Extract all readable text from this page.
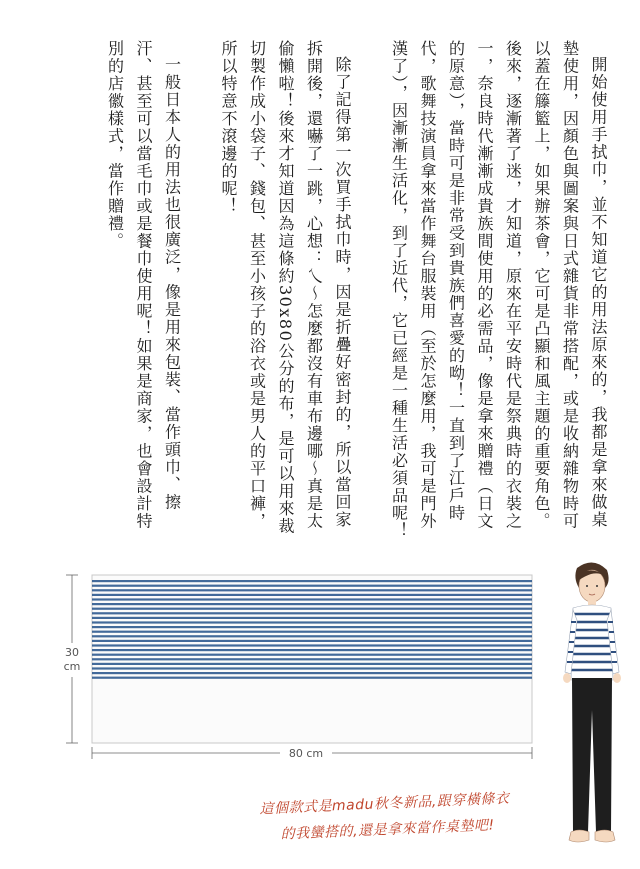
開始使用手拭巾，並不知道它的用法原來的，我都是拿來做桌墊使用，因顏色與圖案與日式雜貨非常搭配，或是收納雜物時可以蓋在籐籃上，如果辦茶會，它可是凸顯和風主題的重要角色。後來，逐漸著了迷，才知道，原來在平安時代是祭典時的衣裝之一，奈良時代漸漸成貴族間使用的必需品，像是拿來贈禮（日文的原意），當時可是非常受到貴族們喜愛的呦！一直到了江戶時代，歌舞技演員拿來當作舞台服裝用（至於怎麼用，我可是門外漢了），因漸漸生活化，到了近代，它已經是一種生活必須品呢！

除了記得第一次買手拭巾時，因是折疊好密封的，所以當回家拆開後，還嚇了一跳，心想：乀～怎麼都沒有車布邊哪～真是太偷懶啦！後來才知道因為這條約30x80公分的布，是可以用來裁切製作成小袋子、錢包、甚至小孩子的浴衣或是男人的平口褲，所以特意不滾邊的呢！

一般日本人的用法也很廣泛，像是用來包裝、當作頭巾、擦汗、甚至可以當毛巾或是餐巾使用呢！如果是商家，也會設計特別的店徽樣式，當作贈禮。

30
cm
80 cm
這個款式是madu秋冬新品,跟穿橫條衣
的我蠻搭的,還是拿來當作桌墊吧!
